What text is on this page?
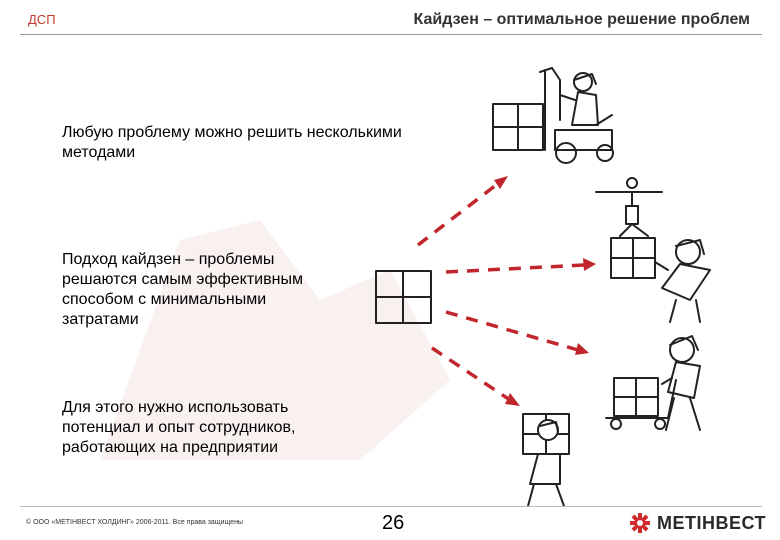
ДСП	Кайдзен – оптимальное решение проблем
Любую проблему можно решить несколькими
методами
Подход кайдзен – проблемы
решаются самым эффективным
способом с минимальными
затратами
Для этого нужно использовать
потенциал и опыт сотрудников,
работающих на предприятии
© ООО «МЕТІНВЕСТ ХОЛДИНГ» 2006-2011. Все права защищены	26	МЕТІНВЕСТ
